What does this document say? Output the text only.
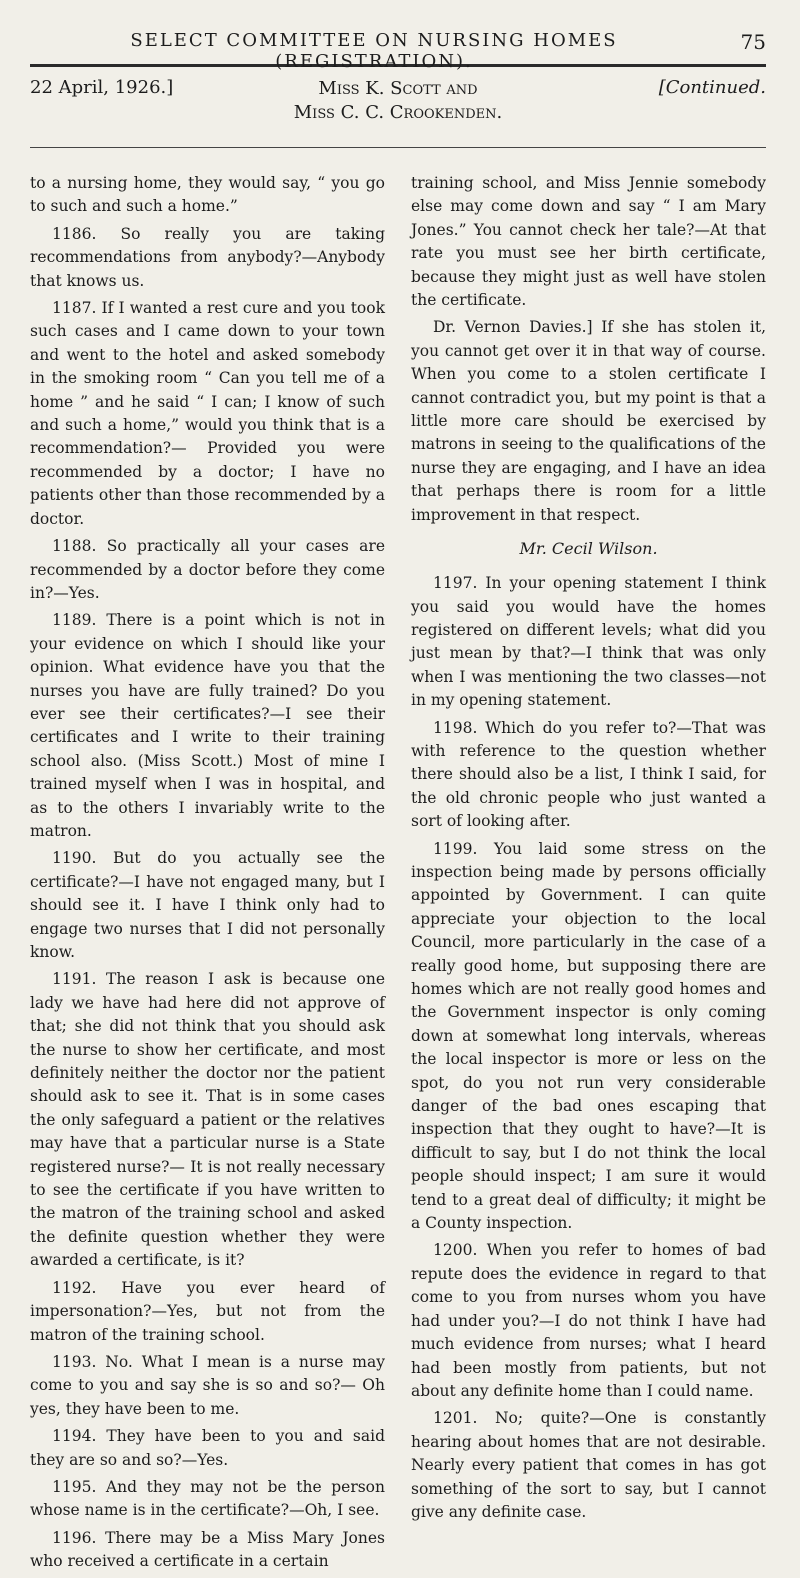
SELECT COMMITTEE ON NURSING HOMES (REGISTRATION).
75
22 April, 1926.]	Miss K. Scott and
Miss C. C. Crookenden.
[Continued.

to a nursing home, they would say, “ you go to such and such a home.”

1186. So really you are taking recommendations from anybody?—Anybody that knows us.

1187. If I wanted a rest cure and you took such cases and I came down to your town and went to the hotel and asked somebody in the smoking room “ Can you tell me of a home ” and he said “ I can; I know of such and such a home,” would you think that is a recommendation?— Provided you were recommended by a doctor; I have no patients other than those recommended by a doctor.

1188. So practically all your cases are recommended by a doctor before they come in?—Yes.

1189. There is a point which is not in your evidence on which I should like your opinion. What evidence have you that the nurses you have are fully trained? Do you ever see their certificates?—I see their certificates and I write to their training school also. (Miss Scott.) Most of mine I trained myself when I was in hospital, and as to the others I invariably write to the matron.

1190. But do you actually see the certificate?—I have not engaged many, but I should see it. I have I think only had to engage two nurses that I did not personally know.

1191. The reason I ask is because one lady we have had here did not approve of that; she did not think that you should ask the nurse to show her certificate, and most definitely neither the doctor nor the patient should ask to see it. That is in some cases the only safeguard a patient or the relatives may have that a particular nurse is a State registered nurse?— It is not really necessary to see the certificate if you have written to the matron of the training school and asked the definite question whether they were awarded a certificate, is it?

1192. Have you ever heard of impersonation?—Yes, but not from the matron of the training school.

1193. No. What I mean is a nurse may come to you and say she is so and so?— Oh yes, they have been to me.

1194. They have been to you and said they are so and so?—Yes.

1195. And they may not be the person whose name is in the certificate?—Oh, I see.

1196. There may be a Miss Mary Jones who received a certificate in a certain

training school, and Miss Jennie somebody else may come down and say “ I am Mary Jones.” You cannot check her tale?—At that rate you must see her birth certificate, because they might just as well have stolen the certificate.

Dr. Vernon Davies.] If she has stolen it, you cannot get over it in that way of course. When you come to a stolen certificate I cannot contradict you, but my point is that a little more care should be exercised by matrons in seeing to the qualifications of the nurse they are engaging, and I have an idea that perhaps there is room for a little improvement in that respect.

Mr. Cecil Wilson.

1197. In your opening statement I think you said you would have the homes registered on different levels; what did you just mean by that?—I think that was only when I was mentioning the two classes—not in my opening statement.

1198. Which do you refer to?—That was with reference to the question whether there should also be a list, I think I said, for the old chronic people who just wanted a sort of looking after.

1199. You laid some stress on the inspection being made by persons officially appointed by Government. I can quite appreciate your objection to the local Council, more particularly in the case of a really good home, but supposing there are homes which are not really good homes and the Government inspector is only coming down at somewhat long intervals, whereas the local inspector is more or less on the spot, do you not run very considerable danger of the bad ones escaping that inspection that they ought to have?—It is difficult to say, but I do not think the local people should inspect; I am sure it would tend to a great deal of difficulty; it might be a County inspection.

1200. When you refer to homes of bad repute does the evidence in regard to that come to you from nurses whom you have had under you?—I do not think I have had much evidence from nurses; what I heard had been mostly from patients, but not about any definite home than I could name.

1201. No; quite?—One is constantly hearing about homes that are not desirable. Nearly every patient that comes in has got something of the sort to say, but I cannot give any definite case.
